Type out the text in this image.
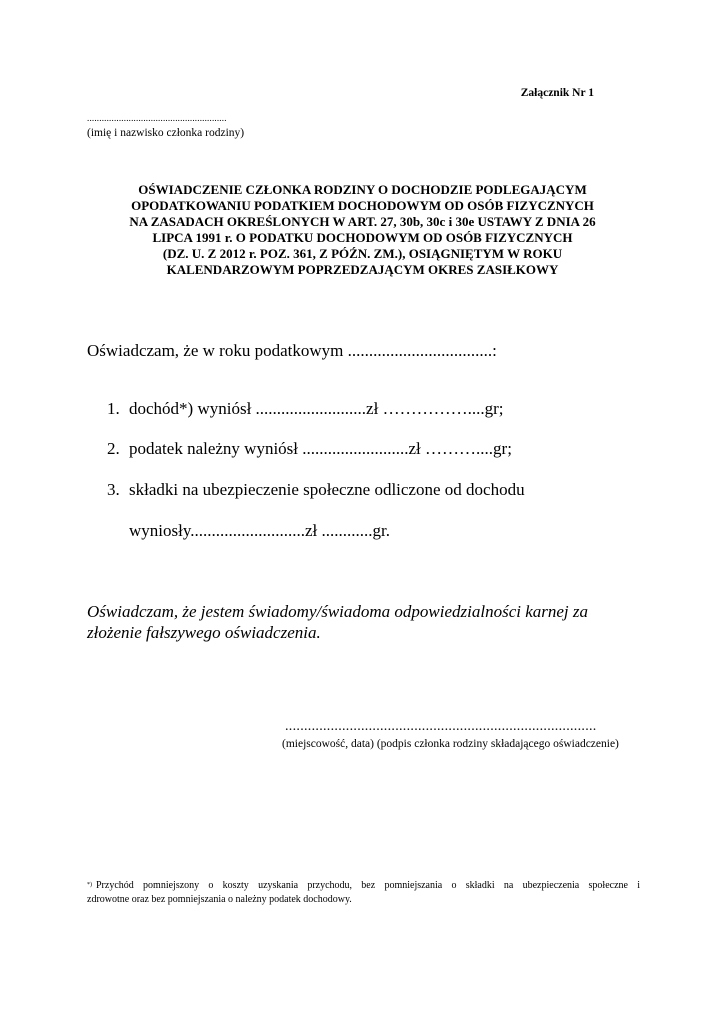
Załącznik Nr 1
.........................................................
(imię i nazwisko członka rodziny)
OŚWIADCZENIE CZŁONKA RODZINY O DOCHODZIE PODLEGAJĄCYM
OPODATKOWANIU PODATKIEM DOCHODOWYM OD OSÓB FIZYCZNYCH
NA ZASADACH OKREŚLONYCH W ART. 27, 30b, 30c i 30e USTAWY Z DNIA 26
LIPCA 1991 r. O PODATKU DOCHODOWYM OD OSÓB FIZYCZNYCH
(DZ. U. Z 2012 r. POZ. 361, Z PÓŹN. ZM.), OSIĄGNIĘTYM W ROKU
KALENDARZOWYM POPRZEDZAJĄCYM OKRES ZASIŁKOWY
Oświadczam, że w roku podatkowym ..................................:
1. dochód*) wyniósł ..........................zł ……………....gr;
2. podatek należny wyniósł .........................zł ………....gr;
3. składki na ubezpieczenie społeczne odliczone od dochodu
wyniosły...........................zł ............gr.
Oświadczam, że jestem świadomy/świadoma odpowiedzialności karnej za
złożenie fałszywego oświadczenia.
..................................................................................
(miejscowość, data) (podpis członka rodziny składającego oświadczenie)
*) Przychód pomniejszony o koszty uzyskania przychodu, bez pomniejszania o składki na ubezpieczenia społeczne i
zdrowotne oraz bez pomniejszania o należny podatek dochodowy.
